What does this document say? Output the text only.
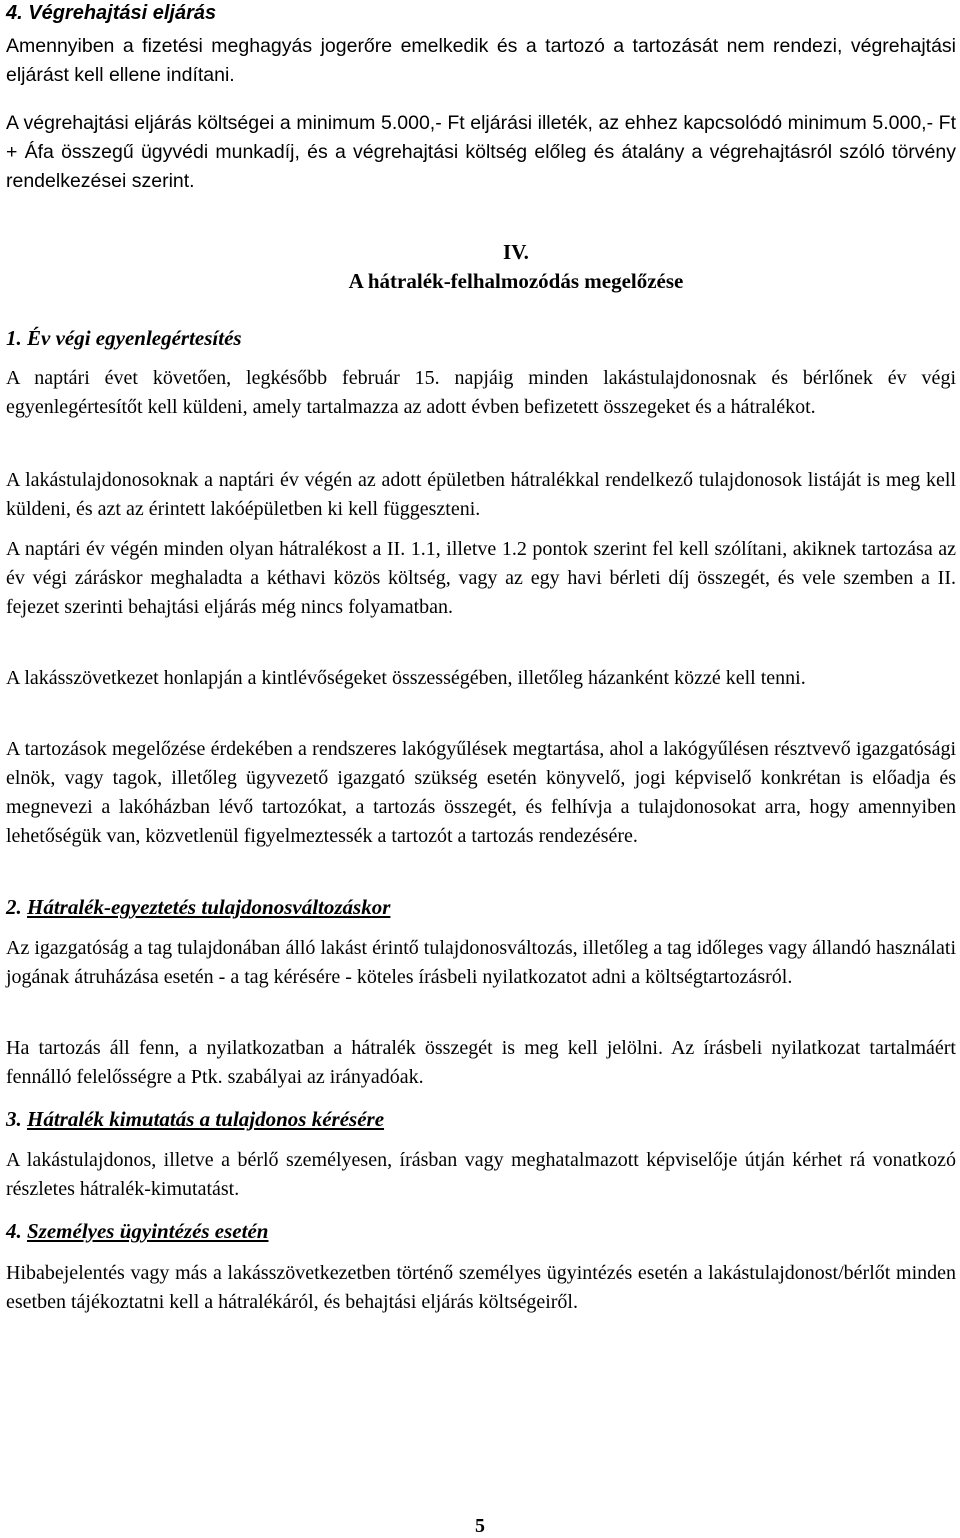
4. Végrehajtási eljárás

Amennyiben a fizetési meghagyás jogerőre emelkedik és a tartozó a tartozását nem rendezi, végrehajtási eljárást kell ellene indítani.

A végrehajtási eljárás költségei a minimum 5.000,- Ft eljárási illeték, az ehhez kapcsolódó minimum 5.000,- Ft + Áfa összegű ügyvédi munkadíj, és a végrehajtási költség előleg és átalány a végrehajtásról szóló törvény rendelkezései szerint.

IV.
A hátralék-felhalmozódás megelőzése
1. Év végi egyenlegértesítés

A naptári évet követően, legkésőbb február 15. napjáig minden lakástulajdonosnak és bérlőnek év végi egyenlegértesítőt kell küldeni, amely tartalmazza az adott évben befizetett összegeket és a hátralékot.

A lakástulajdonosoknak a naptári év végén az adott épületben hátralékkal rendelkező tulajdonosok listáját is meg kell küldeni, és azt az érintett lakóépületben ki kell függeszteni.

A naptári év végén minden olyan hátralékost a II. 1.1, illetve 1.2 pontok szerint fel kell szólítani, akiknek tartozása az év végi záráskor meghaladta a kéthavi közös költség, vagy az egy havi bérleti díj összegét, és vele szemben a II. fejezet szerinti behajtási eljárás még nincs folyamatban.

A lakásszövetkezet honlapján a kintlévőségeket összességében, illetőleg házanként közzé kell tenni.

A tartozások megelőzése érdekében a rendszeres lakógyűlések megtartása, ahol a lakógyűlésen résztvevő igazgatósági elnök, vagy tagok, illetőleg ügyvezető igazgató szükség esetén könyvelő, jogi képviselő konkrétan is előadja és megnevezi a lakóházban lévő tartozókat, a tartozás összegét, és felhívja a tulajdonosokat arra, hogy amennyiben lehetőségük van, közvetlenül figyelmeztessék a tartozót a tartozás rendezésére.

2. Hátralék-egyeztetés tulajdonosváltozáskor

Az igazgatóság a tag tulajdonában álló lakást érintő tulajdonosváltozás, illetőleg a tag időleges vagy állandó használati jogának átruházása esetén - a tag kérésére - köteles írásbeli nyilatkozatot adni a költségtartozásról.

Ha tartozás áll fenn, a nyilatkozatban a hátralék összegét is meg kell jelölni. Az írásbeli nyilatkozat tartalmáért fennálló felelősségre a Ptk. szabályai az irányadóak.

3. Hátralék kimutatás a tulajdonos kérésére

A lakástulajdonos, illetve a bérlő személyesen, írásban vagy meghatalmazott képviselője útján kérhet rá vonatkozó részletes hátralék-kimutatást.

4. Személyes ügyintézés esetén

Hibabejelentés vagy más a lakásszövetkezetben történő személyes ügyintézés esetén a lakástulajdonost/bérlőt minden esetben tájékoztatni kell a hátralékáról, és behajtási eljárás költségeiről.

5
